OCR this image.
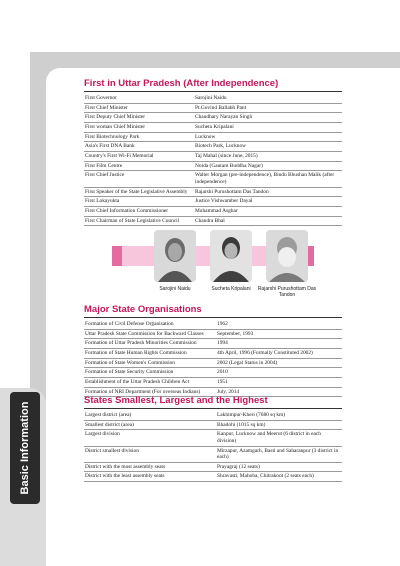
Basic Information
First in Uttar Pradesh (After Independence)
First Governor	Sarojini Naidu
First Chief Minister	Pt.Govind Ballabh Pant
First Deputy Chief Minister	Chaudhary Narayan Singh
First woman Chief Minister	Sucheta Kripalani
First Biotechnology Park	Lucknow
Asia's First DNA Bank	Biotech Park, Lucknow
Country's First Wi-Fi Memorial	Taj Mahal (since June, 2015)
First Film Centre	Noida (Gautam Buddha Nagar)
First Chief Justice	Walter Morgan (pre-independence), Bindu Bhushan Malik (after independence)
First Speaker of the State Legislative Assembly	Rajarshi Purushottam Das Tandon
First Lokayukta	Justice Vishwamber Dayal
First Chief Information Commissioner	Muhammad Asghar
First Chairman of State Legislative Council	Chandra Bhal
Sarojini Naidu	Sucheta Kripalani	Rajarshi Purushottam Das Tandon
Major State Organisations
Formation of Civil Defense Organisation	1962
Uttar Pradesh State Commission for Backward Classes	September, 1993
Formation of Uttar Pradesh Minorities Commission	1994
Formation of State Human Rights Commission	4th April, 1996 (Formally Constituted 2002)
Formation of State Women's Commission	2002 (Legal Status in 2004)
Formation of State Security Commission	2010
Establishment of the Uttar Pradesh Children Act	1951
Formation of NRI Department (For overseas Indians)	July, 2014
States Smallest, Largest and the Highest
Largest district (area)	Lakhimpur-Kheri (7680 sq km)
Smallest district (area)	Bhadohi (1015 sq km)
Largest division	Kanpur, Lucknow and Meerut (6 district in each division)
District smallest division	Mirzapur, Azamgarh, Basti and Saharanpur (3 district in each)
District with the most assembly seats	Prayagraj (12 seats)
District with the least assembly seats	Shravasti, Mahoba, Chitrakoot (2 seats each)
